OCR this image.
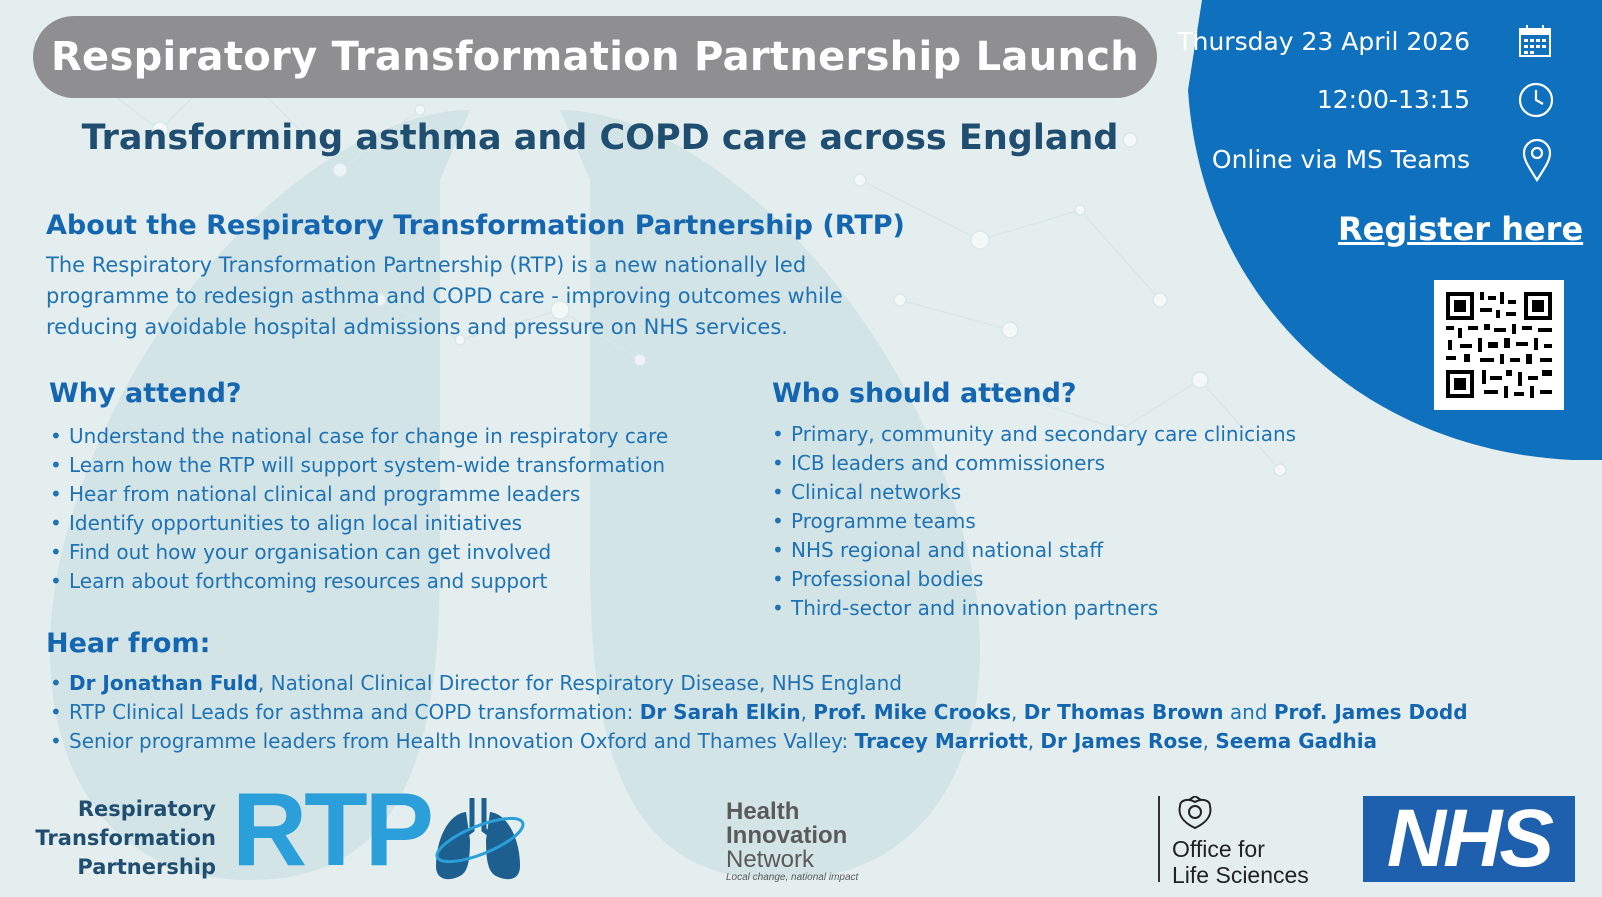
Respiratory Transformation Partnership Launch
Transforming asthma and COPD care across England
Thursday 23 April 2026
12:00-13:15
Online via MS Teams
Register here
About the Respiratory Transformation Partnership (RTP)
The Respiratory Transformation Partnership (RTP) is a new nationally led
programme to redesign asthma and COPD care - improving outcomes while
reducing avoidable hospital admissions and pressure on NHS services.
Why attend?
• Understand the national case for change in respiratory care
• Learn how the RTP will support system-wide transformation
• Hear from national clinical and programme leaders
• Identify opportunities to align local initiatives
• Find out how your organisation can get involved
• Learn about forthcoming resources and support
Who should attend?
• Primary, community and secondary care clinicians
• ICB leaders and commissioners
• Clinical networks
• Programme teams
• NHS regional and national staff
• Professional bodies
• Third-sector and innovation partners
Hear from:
• Dr Jonathan Fuld, National Clinical Director for Respiratory Disease, NHS England
• RTP Clinical Leads for asthma and COPD transformation: Dr Sarah Elkin, Prof. Mike Crooks, Dr Thomas Brown and Prof. James Dodd
• Senior programme leaders from Health Innovation Oxford and Thames Valley: Tracey Marriott, Dr James Rose, Seema Gadhia
Respiratory
Transformation
Partnership RTP	Health
Innovation
Network
Local change, national impact
Office for
Life Sciences NHS
